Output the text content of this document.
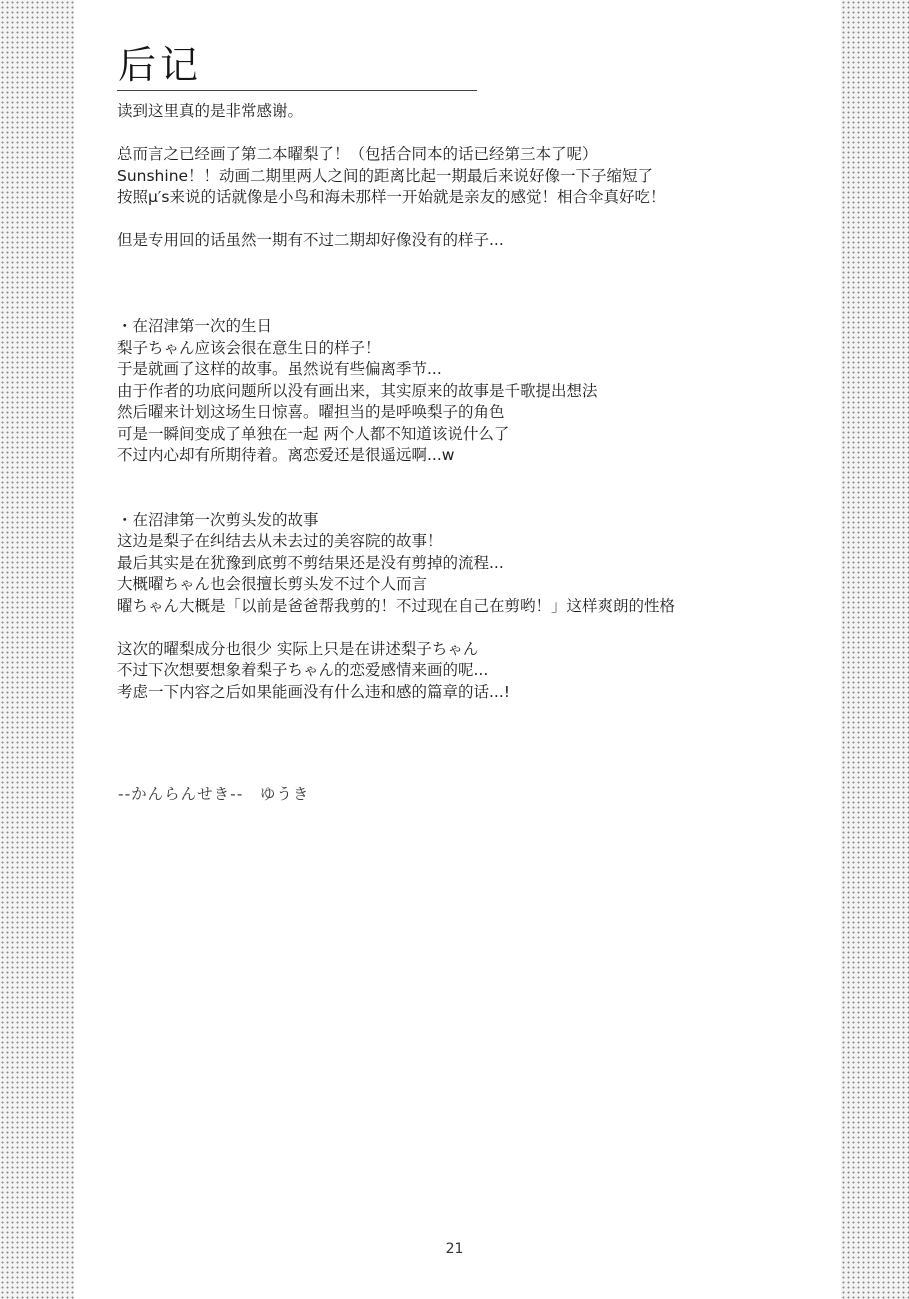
后记
读到这里真的是非常感谢。
总而言之已经画了第二本曜梨了！（包括合同本的话已经第三本了呢）
Sunshine！！动画二期里两人之间的距离比起一期最后来说好像一下子缩短了
按照μ′s来说的话就像是小鸟和海未那样一开始就是亲友的感觉！相合伞真好吃！
但是专用回的话虽然一期有不过二期却好像没有的样子...
・在沼津第一次的生日
梨子ちゃん应该会很在意生日的样子！
于是就画了这样的故事。虽然说有些偏离季节...
由于作者的功底问题所以没有画出来，其实原来的故事是千歌提出想法
然后曜来计划这场生日惊喜。曜担当的是呼唤梨子的角色
可是一瞬间变成了单独在一起 两个人都不知道该说什么了
不过内心却有所期待着。离恋爱还是很遥远啊...w
・在沼津第一次剪头发的故事
这边是梨子在纠结去从未去过的美容院的故事！
最后其实是在犹豫到底剪不剪结果还是没有剪掉的流程...
大概曜ちゃん也会很擅长剪头发不过个人而言
曜ちゃん大概是「以前是爸爸帮我剪的！不过现在自己在剪哟！」这样爽朗的性格
这次的曜梨成分也很少 实际上只是在讲述梨子ちゃん
不过下次想要想象着梨子ちゃん的恋爱感情来画的呢...
考虑一下内容之后如果能画没有什么违和感的篇章的话...!
--かんらんせき--　ゆうき
21
